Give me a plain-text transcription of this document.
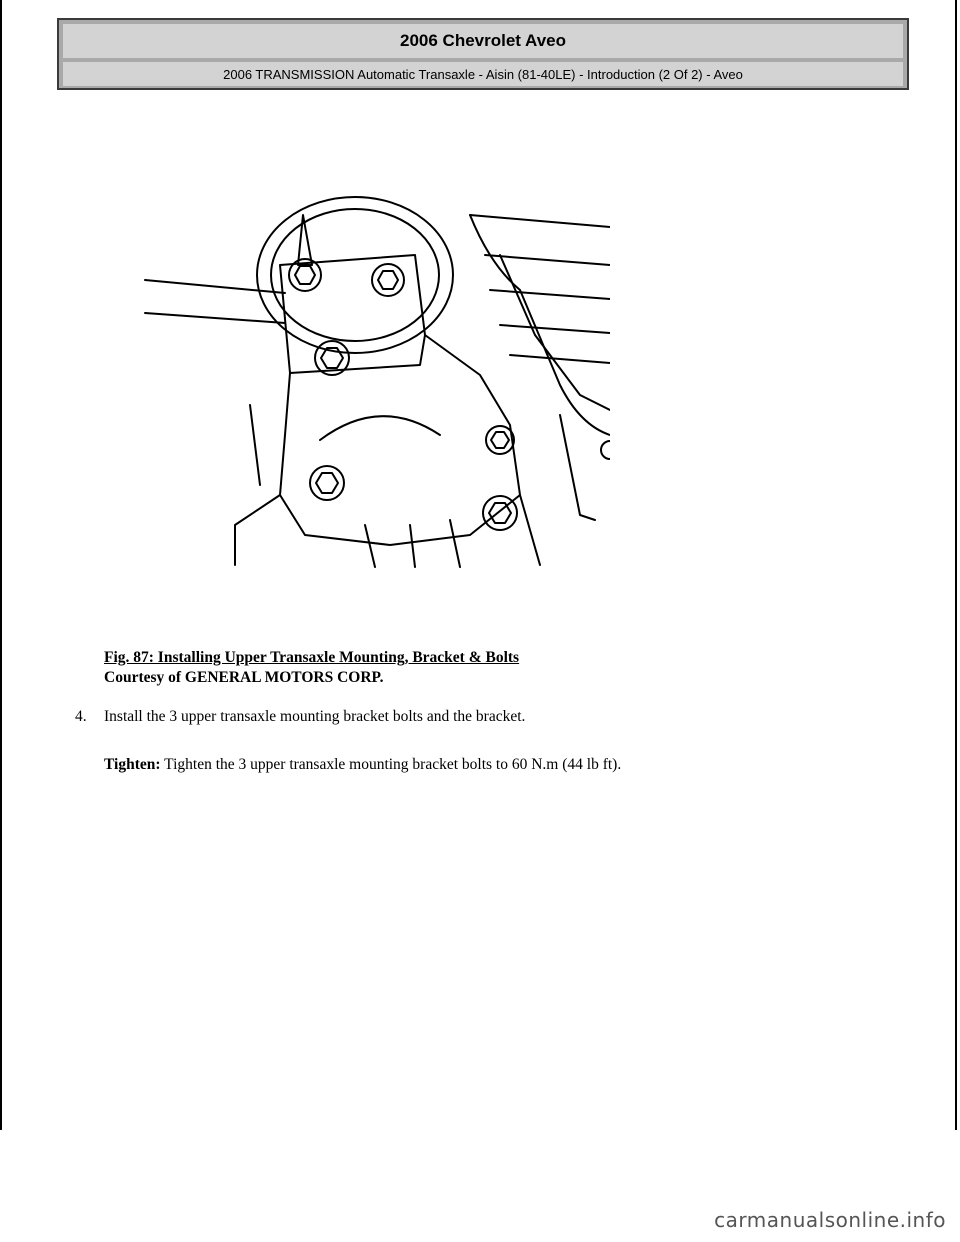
2006 Chevrolet Aveo
2006 TRANSMISSION Automatic Transaxle - Aisin (81-40LE) - Introduction (2 Of 2) - Aveo
Fig. 87: Installing Upper Transaxle Mounting, Bracket & Bolts
Courtesy of GENERAL MOTORS CORP.
4. Install the 3 upper transaxle mounting bracket bolts and the bracket.
Tighten: Tighten the 3 upper transaxle mounting bracket bolts to 60 N.m (44 lb ft).
carmanualsonline.info
